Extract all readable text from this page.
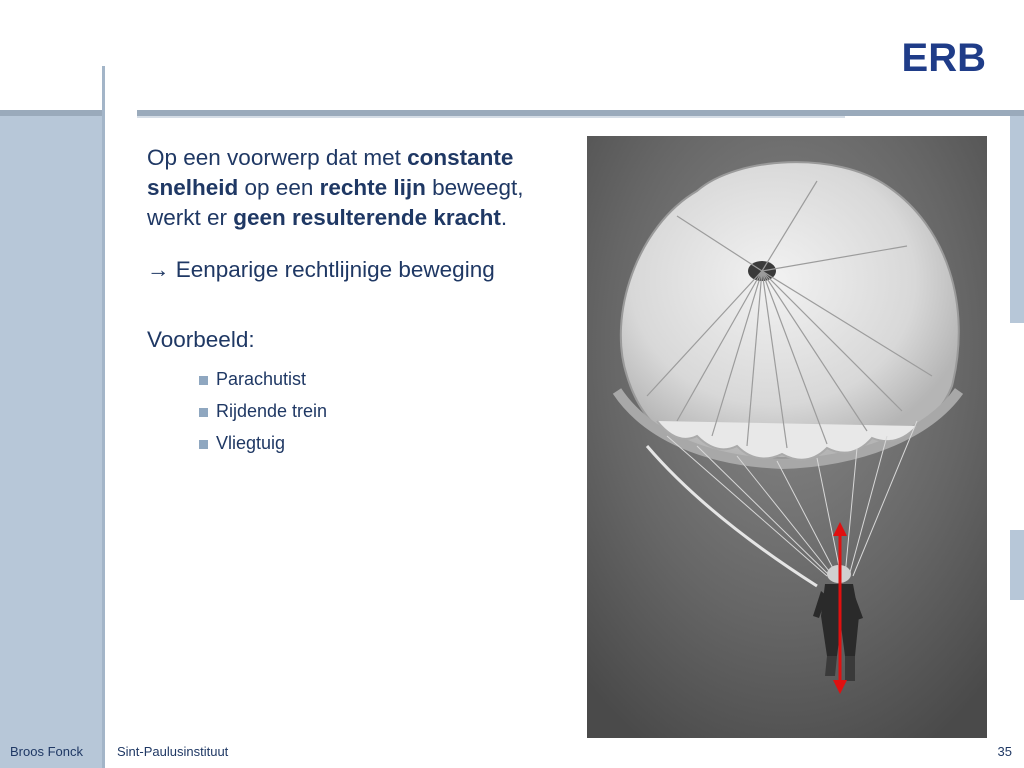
ERB

Op een voorwerp dat met constante snelheid op een rechte lijn beweegt, werkt er geen resulterende kracht.

→ Eenparige rechtlijnige beweging

Voorbeeld:

Parachutist
Rijdende trein
Vliegtuig
Broos Fonck	Sint-Paulusinstituut	35
